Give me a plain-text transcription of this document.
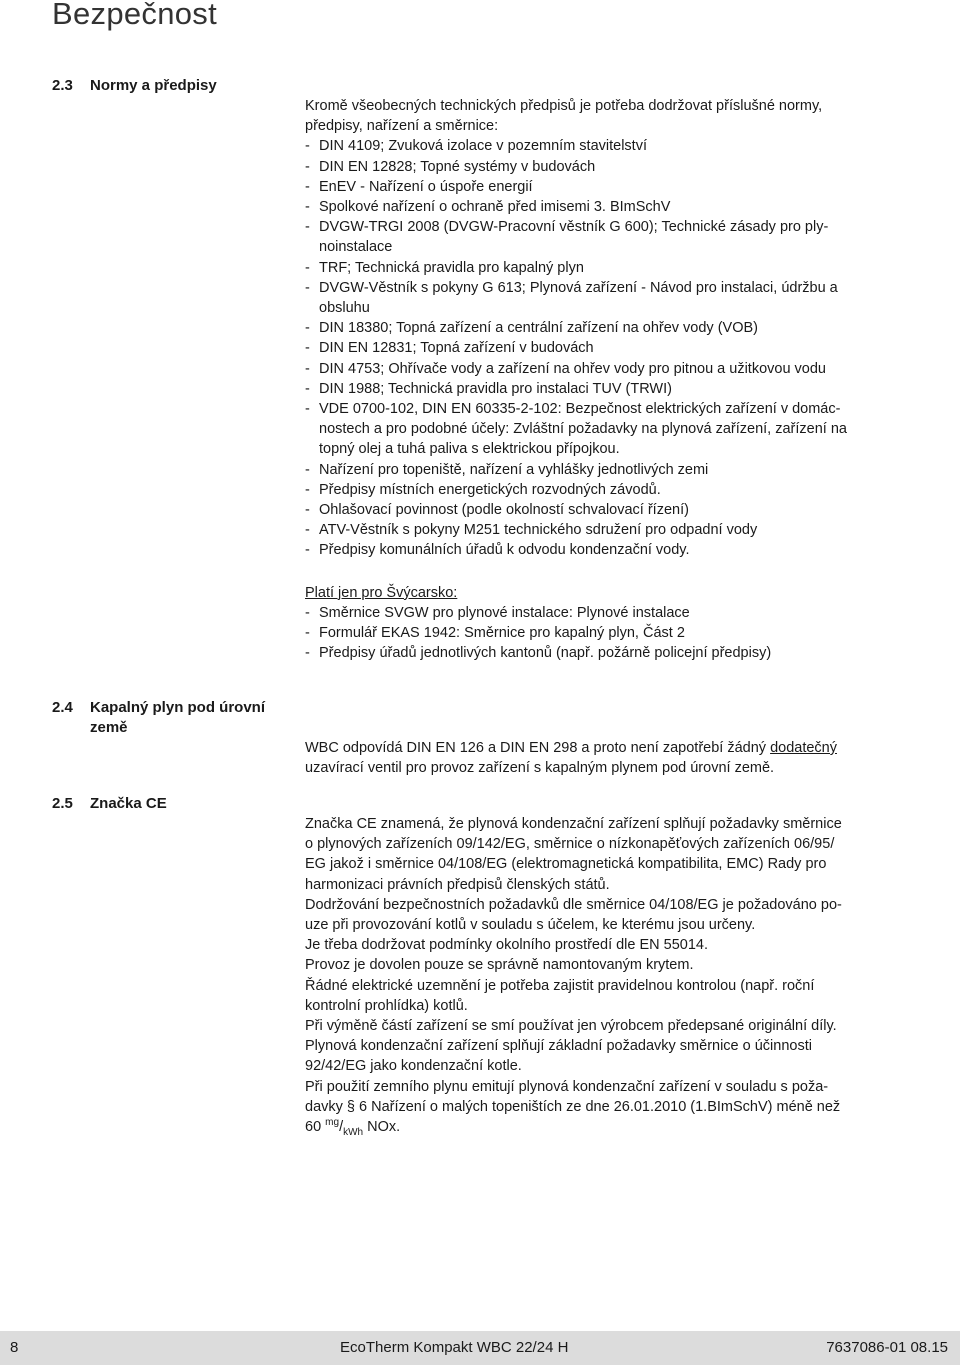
Bezpečnost
2.3	Normy a předpisy
Kromě všeobecných technických předpisů je potřeba dodržovat příslušné normy,
předpisy, nařízení a směrnice:
- DIN 4109; Zvuková izolace v pozemním stavitelství
- DIN EN 12828; Topné systémy v budovách
- EnEV - Nařízení o úspoře energií
- Spolkové nařízení o ochraně před imisemi 3. BImSchV
- DVGW-TRGI 2008 (DVGW-Pracovní věstník G 600); Technické zásady pro ply-
noinstalace
- TRF; Technická pravidla pro kapalný plyn
- DVGW-Věstník s pokyny G 613; Plynová zařízení - Návod pro instalaci, údržbu a
obsluhu
- DIN 18380; Topná zařízení a centrální zařízení na ohřev vody (VOB)
- DIN EN 12831; Topná zařízení v budovách
- DIN 4753; Ohřívače vody a zařízení na ohřev vody pro pitnou a užitkovou vodu
- DIN 1988; Technická pravidla pro instalaci TUV (TRWI)
- VDE 0700-102, DIN EN 60335-2-102: Bezpečnost elektrických zařízení v domác-
nostech a pro podobné účely: Zvláštní požadavky na plynová zařízení, zařízení na
topný olej a tuhá paliva s elektrickou přípojkou.
- Nařízení pro topeniště, nařízení a vyhlášky jednotlivých zemi
- Předpisy místních energetických rozvodných závodů.
- Ohlašovací povinnost (podle okolností schvalovací řízení)
- ATV-Věstník s pokyny M251 technického sdružení pro odpadní vody
- Předpisy komunálních úřadů k odvodu kondenzační vody.
Platí jen pro Švýcarsko:
- Směrnice SVGW pro plynové instalace: Plynové instalace
- Formulář EKAS 1942: Směrnice pro kapalný plyn, Část 2
- Předpisy úřadů jednotlivých kantonů (např. požárně policejní předpisy)
2.4	Kapalný plyn pod úrovní
země
WBC odpovídá DIN EN 126 a DIN EN 298 a proto není zapotřebí žádný dodatečný
uzavírací ventil pro provoz zařízení s kapalným plynem pod úrovní země.
2.5	Značka CE
Značka CE znamená, že plynová kondenzační zařízení splňují požadavky směrnice
o plynových zařízeních 09/142/EG, směrnice o nízkonapěťových zařízeních 06/95/
EG jakož i směrnice 04/108/EG (elektromagnetická kompatibilita, EMC) Rady pro
harmonizaci právních předpisů členských států.
Dodržování bezpečnostních požadavků dle směrnice 04/108/EG je požadováno po-
uze při provozování kotlů v souladu s účelem, ke kterému jsou určeny.
Je třeba dodržovat podmínky okolního prostředí dle EN 55014.
Provoz je dovolen pouze se správně namontovaným krytem.
Řádné elektrické uzemnění je potřeba zajistit pravidelnou kontrolou (např. roční
kontrolní prohlídka) kotlů.
Při výměně částí zařízení se smí používat jen výrobcem předepsané originální díly.
Plynová kondenzační zařízení splňují základní požadavky směrnice o účinnosti
92/42/EG jako kondenzační kotle.
Při použití zemního plynu emitují plynová kondenzační zařízení v souladu s poža-
davky § 6 Nařízení o malých topeništích ze dne 26.01.2010 (1.BImSchV) méně než
60 $^{mg}/_{kWh}$ NOx.
8	EcoTherm Kompakt WBC 22/24 H	7637086-01 08.15
